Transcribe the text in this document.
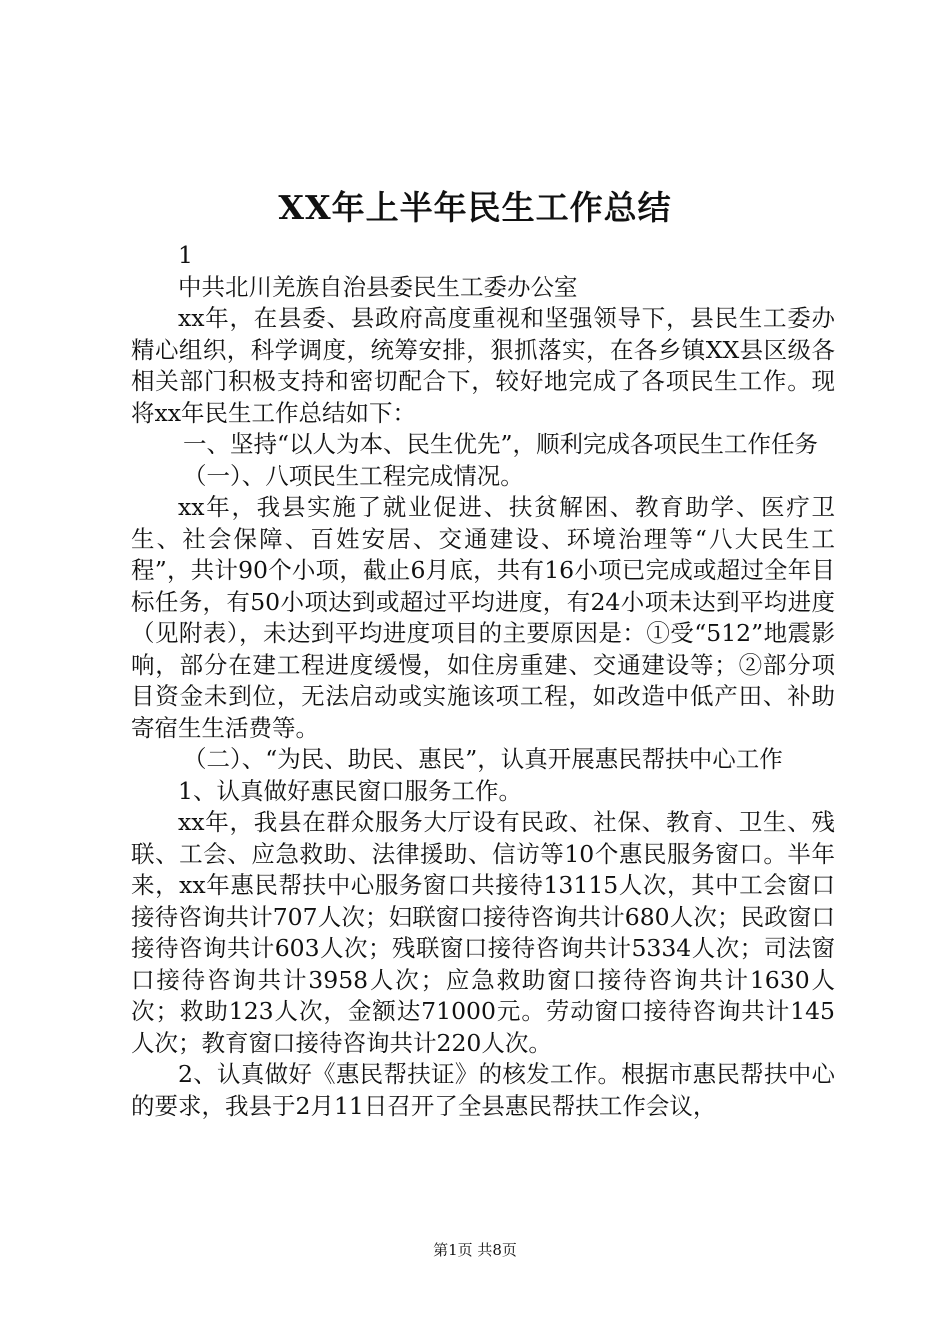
XX年上半年民生工作总结

1

中共北川羌族自治县委民生工委办公室

xx年，在县委、县政府高度重视和坚强领导下，县民生工委办精心组织，科学调度，统筹安排，狠抓落实，在各乡镇XX县区级各相关部门积极支持和密切配合下，较好地完成了各项民生工作。现将xx年民生工作总结如下：

一、坚持“以人为本、民生优先”，顺利完成各项民生工作任务

（一）、八项民生工程完成情况。

xx年，我县实施了就业促进、扶贫解困、教育助学、医疗卫生、社会保障、百姓安居、交通建设、环境治理等“八大民生工程”，共计90个小项，截止6月底，共有16小项已完成或超过全年目标任务，有50小项达到或超过平均进度，有24小项未达到平均进度（见附表），未达到平均进度项目的主要原因是：①受“512”地震影响，部分在建工程进度缓慢，如住房重建、交通建设等；②部分项目资金未到位，无法启动或实施该项工程，如改造中低产田、补助寄宿生生活费等。

（二）、“为民、助民、惠民”，认真开展惠民帮扶中心工作

1、认真做好惠民窗口服务工作。

xx年，我县在群众服务大厅设有民政、社保、教育、卫生、残联、工会、应急救助、法律援助、信访等10个惠民服务窗口。半年来，xx年惠民帮扶中心服务窗口共接待13115人次，其中工会窗口接待咨询共计707人次；妇联窗口接待咨询共计680人次；民政窗口接待咨询共计603人次；残联窗口接待咨询共计5334人次；司法窗口接待咨询共计3958人次；应急救助窗口接待咨询共计1630人次；救助123人次，金额达71000元。劳动窗口接待咨询共计145人次；教育窗口接待咨询共计220人次。

2、认真做好《惠民帮扶证》的核发工作。根据市惠民帮扶中心的要求，我县于2月11日召开了全县惠民帮扶工作会议，

第1页 共8页
